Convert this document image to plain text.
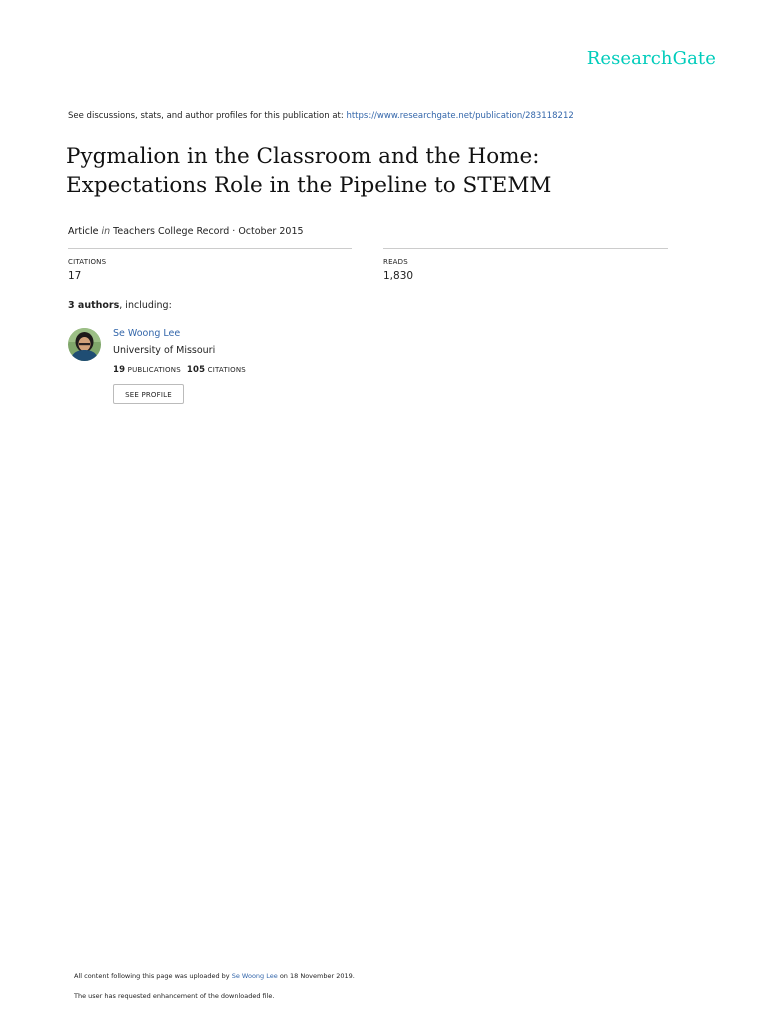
ResearchGate
See discussions, stats, and author profiles for this publication at: https://www.researchgate.net/publication/283118212
Pygmalion in the Classroom and the Home:
Expectations Role in the Pipeline to STEMM
Article in Teachers College Record · October 2015
CITATIONS
17
READS
1,830
3 authors, including:
Se Woong Lee
University of Missouri
19 PUBLICATIONS 105 CITATIONS
SEE PROFILE
All content following this page was uploaded by Se Woong Lee on 18 November 2019.
The user has requested enhancement of the downloaded file.
